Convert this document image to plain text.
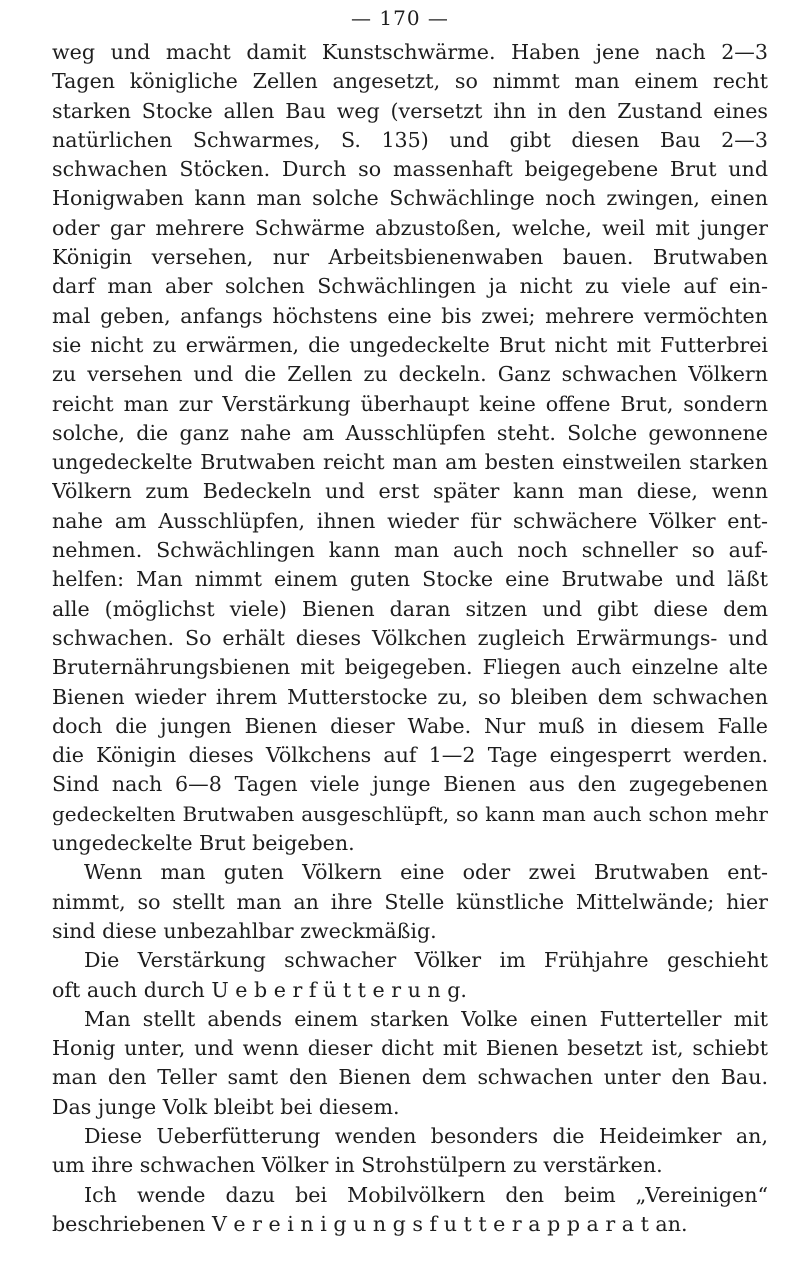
— 170 —
weg und macht damit Kunstschwärme. Haben jene nach 2—3
Tagen königliche Zellen angesetzt, so nimmt man einem recht
starken Stocke allen Bau weg (versetzt ihn in den Zustand eines
natürlichen Schwarmes, S. 135) und gibt diesen Bau 2—3
schwachen Stöcken. Durch so massenhaft beigegebene Brut und
Honigwaben kann man solche Schwächlinge noch zwingen, einen
oder gar mehrere Schwärme abzustoßen, welche, weil mit junger
Königin versehen, nur Arbeitsbienenwaben bauen. Brutwaben
darf man aber solchen Schwächlingen ja nicht zu viele auf ein-
mal geben, anfangs höchstens eine bis zwei; mehrere vermöchten
sie nicht zu erwärmen, die ungedeckelte Brut nicht mit Futterbrei
zu versehen und die Zellen zu deckeln. Ganz schwachen Völkern
reicht man zur Verstärkung überhaupt keine offene Brut, sondern
solche, die ganz nahe am Ausschlüpfen steht. Solche gewonnene
ungedeckelte Brutwaben reicht man am besten einstweilen starken
Völkern zum Bedeckeln und erst später kann man diese, wenn
nahe am Ausschlüpfen, ihnen wieder für schwächere Völker ent-
nehmen. Schwächlingen kann man auch noch schneller so auf-
helfen: Man nimmt einem guten Stocke eine Brutwabe und läßt
alle (möglichst viele) Bienen daran sitzen und gibt diese dem
schwachen. So erhält dieses Völkchen zugleich Erwärmungs- und
Bruternährungsbienen mit beigegeben. Fliegen auch einzelne alte
Bienen wieder ihrem Mutterstocke zu, so bleiben dem schwachen
doch die jungen Bienen dieser Wabe. Nur muß in diesem Falle
die Königin dieses Völkchens auf 1—2 Tage eingesperrt werden.
Sind nach 6—8 Tagen viele junge Bienen aus den zugegebenen
gedeckelten Brutwaben ausgeschlüpft, so kann man auch schon mehr
ungedeckelte Brut beigeben.
Wenn man guten Völkern eine oder zwei Brutwaben ent-
nimmt, so stellt man an ihre Stelle künstliche Mittelwände; hier
sind diese unbezahlbar zweckmäßig.
Die Verstärkung schwacher Völker im Frühjahre geschieht
oft auch durch U e b e r f ü t t e r u n g.
Man stellt abends einem starken Volke einen Futterteller mit
Honig unter, und wenn dieser dicht mit Bienen besetzt ist, schiebt
man den Teller samt den Bienen dem schwachen unter den Bau.
Das junge Volk bleibt bei diesem.
Diese Ueberfütterung wenden besonders die Heideimker an,
um ihre schwachen Völker in Strohstülpern zu verstärken.
Ich wende dazu bei Mobilvölkern den beim „Vereinigen“
beschriebenen V e r e i n i g u n g s f u t t e r a p p a r a t an.
